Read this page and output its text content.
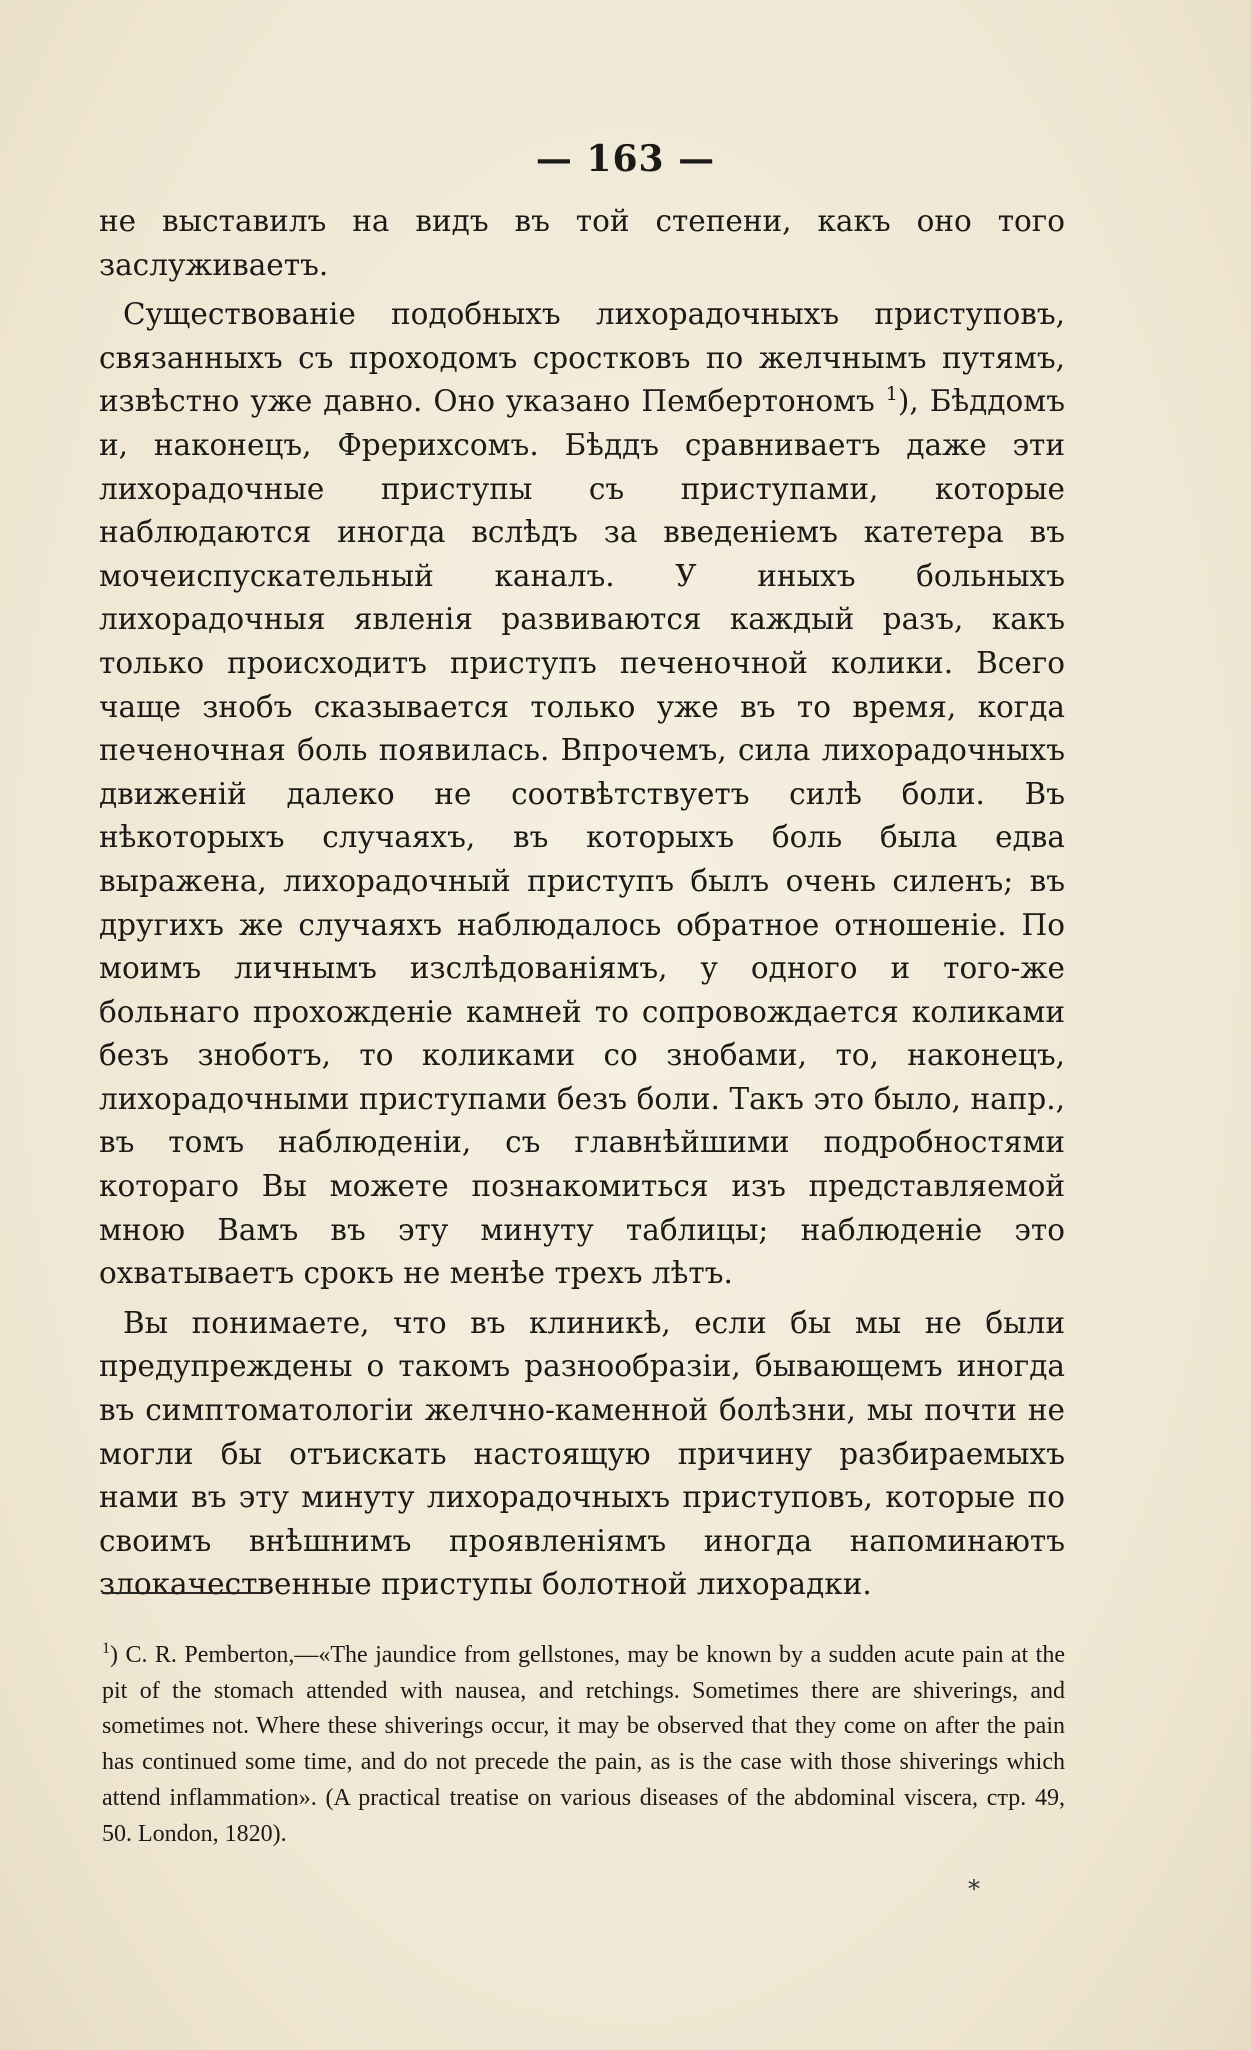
— 163 —

не выставилъ на видъ въ той степени, какъ оно того заслуживаетъ.

Существованіе подобныхъ лихорадочныхъ приступовъ, связанныхъ съ проходомъ сростковъ по желчнымъ путямъ, извѣстно уже давно. Оно указано Пембертономъ $^1$), Бѣддомъ и, наконецъ, Фрерихсомъ. Бѣддъ сравниваетъ даже эти лихорадочные приступы съ приступами, которые наблюдаются иногда вслѣдъ за введеніемъ катетера въ мочеиспускательный каналъ. У иныхъ больныхъ лихорадочныя явленія развиваются каждый разъ, какъ только происходитъ приступъ печеночной колики. Всего чаще знобъ сказывается только уже въ то время, когда печеночная боль появилась. Впрочемъ, сила лихорадочныхъ движеній далеко не соотвѣтствуетъ силѣ боли. Въ нѣкоторыхъ случаяхъ, въ которыхъ боль была едва выражена, лихорадочный приступъ былъ очень силенъ; въ другихъ же случаяхъ наблюдалось обратное отношеніе. По моимъ личнымъ изслѣдованіямъ, у одного и того-же больнаго прохожденіе камней то сопровождается коликами безъ зноботъ, то коликами со знобами, то, наконецъ, лихорадочными приступами безъ боли. Такъ это было, напр., въ томъ наблюденіи, съ главнѣйшими подробностями котораго Вы можете познакомиться изъ представляемой мною Вамъ въ эту минуту таблицы; наблюденіе это охватываетъ срокъ не менѣе трехъ лѣтъ.

Вы понимаете, что въ клиникѣ, если бы мы не были предупреждены о такомъ разнообразіи, бывающемъ иногда въ симптоматологіи желчно-каменной болѣзни, мы почти не могли бы отъискать настоящую причину разбираемыхъ нами въ эту минуту лихорадочныхъ приступовъ, которые по своимъ внѣшнимъ проявленіямъ иногда напоминаютъ злокачественные приступы болотной лихорадки.

$^1$) C. R. Pemberton,—«The jaundice from gellstones, may be known by a sudden acute pain at the pit of the stomach attended with nausea, and retchings. Sometimes there are shiverings, and sometimes not. Where these shiverings occur, it may be observed that they come on after the pain has continued some time, and do not precede the pain, as is the case with those shiverings which attend inflammation». (A practical treatise on various diseases of the abdominal viscera, стр. 49, 50. London, 1820).
*
